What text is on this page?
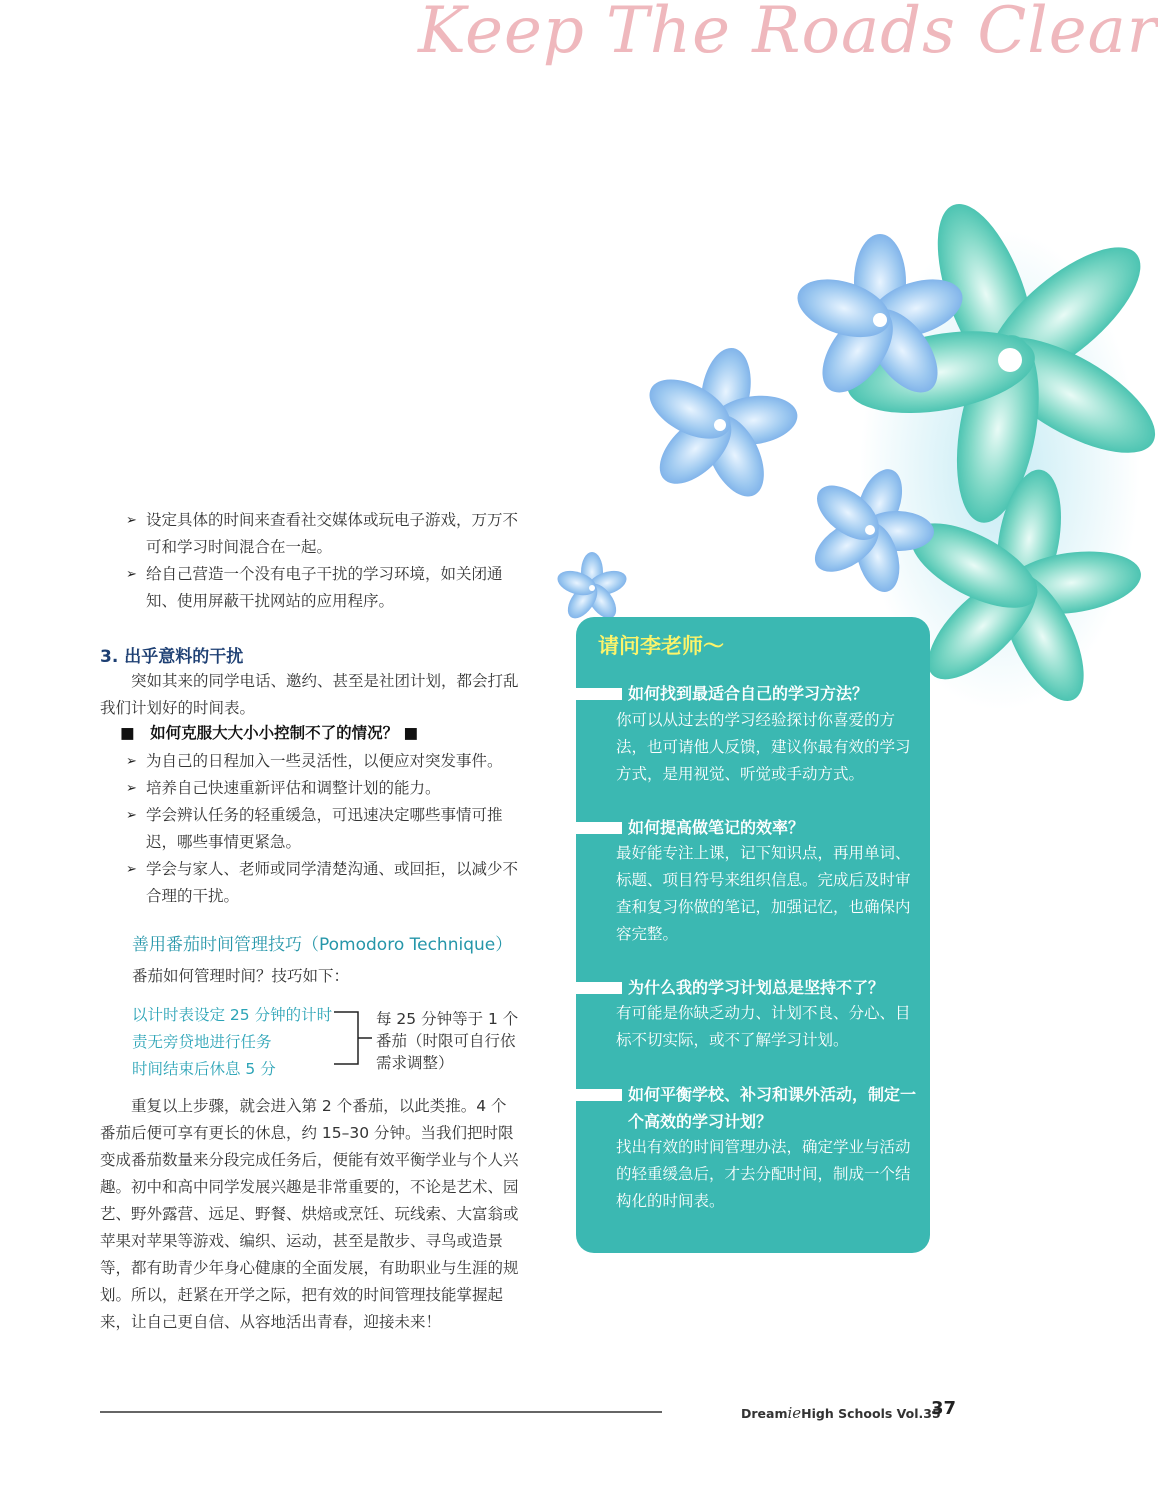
Keep The Roads Clear
➢ 设定具体的时间来查看社交媒体或玩电子游戏，万万不可和学习时间混合在一起。
➢ 给自己营造一个没有电子干扰的学习环境，如关闭通知、使用屏蔽干扰网站的应用程序。
3. 出乎意料的干扰
突如其来的同学电话、邀约、甚至是社团计划，都会打乱我们计划好的时间表。
■　如何克服大大小小控制不了的情况？ ■
➢ 为自己的日程加入一些灵活性，以便应对突发事件。
➢ 培养自己快速重新评估和调整计划的能力。
➢ 学会辨认任务的轻重缓急，可迅速决定哪些事情可推迟，哪些事情更紧急。
➢ 学会与家人、老师或同学清楚沟通、或回拒，以减少不合理的干扰。
善用番茄时间管理技巧（Pomodoro Technique）
番茄如何管理时间？技巧如下：
以计时表设定 25 分钟的计时
责无旁贷地进行任务
时间结束后休息 5 分
每 25 分钟等于 1 个番茄（时限可自行依需求调整）
重复以上步骤，就会进入第 2 个番茄，以此类推。4 个番茄后便可享有更长的休息，约 15–30 分钟。当我们把时限变成番茄数量来分段完成任务后，便能有效平衡学业与个人兴趣。 初中和高中同学发展兴趣是非常重要的，不论是艺术、园艺、野外露营、远足、野餐、烘焙或烹饪、玩线索、大富翁或苹果对苹果等游戏、编织、运动，甚至是散步、寻鸟或造景等，都有助青少年身心健康的全面发展，有助职业与生涯的规划。 所以，赶紧在开学之际，把有效的时间管理技能掌握起来，让自己更自信、从容地活出青春，迎接未来！
请问李老师～
如何找到最适合自己的学习方法？
你可以从过去的学习经验探讨你喜爱的方法，也可请他人反馈，建议你最有效的学习方式，是用视觉、听觉或手动方式。
如何提高做笔记的效率？
最好能专注上课，记下知识点，再用单词、标题、项目符号来组织信息。完成后及时审查和复习你做的笔记，加强记忆，也确保内容完整。
为什么我的学习计划总是坚持不了？
有可能是你缺乏动力、计划不良、分心、目标不切实际，或不了解学习计划。
如何平衡学校、补习和课外活动，制定一个高效的学习计划？
找出有效的时间管理办法，确定学业与活动的轻重缓急后，才去分配时间，制成一个结构化的时间表。
DreamieHigh Schools Vol.35
37
